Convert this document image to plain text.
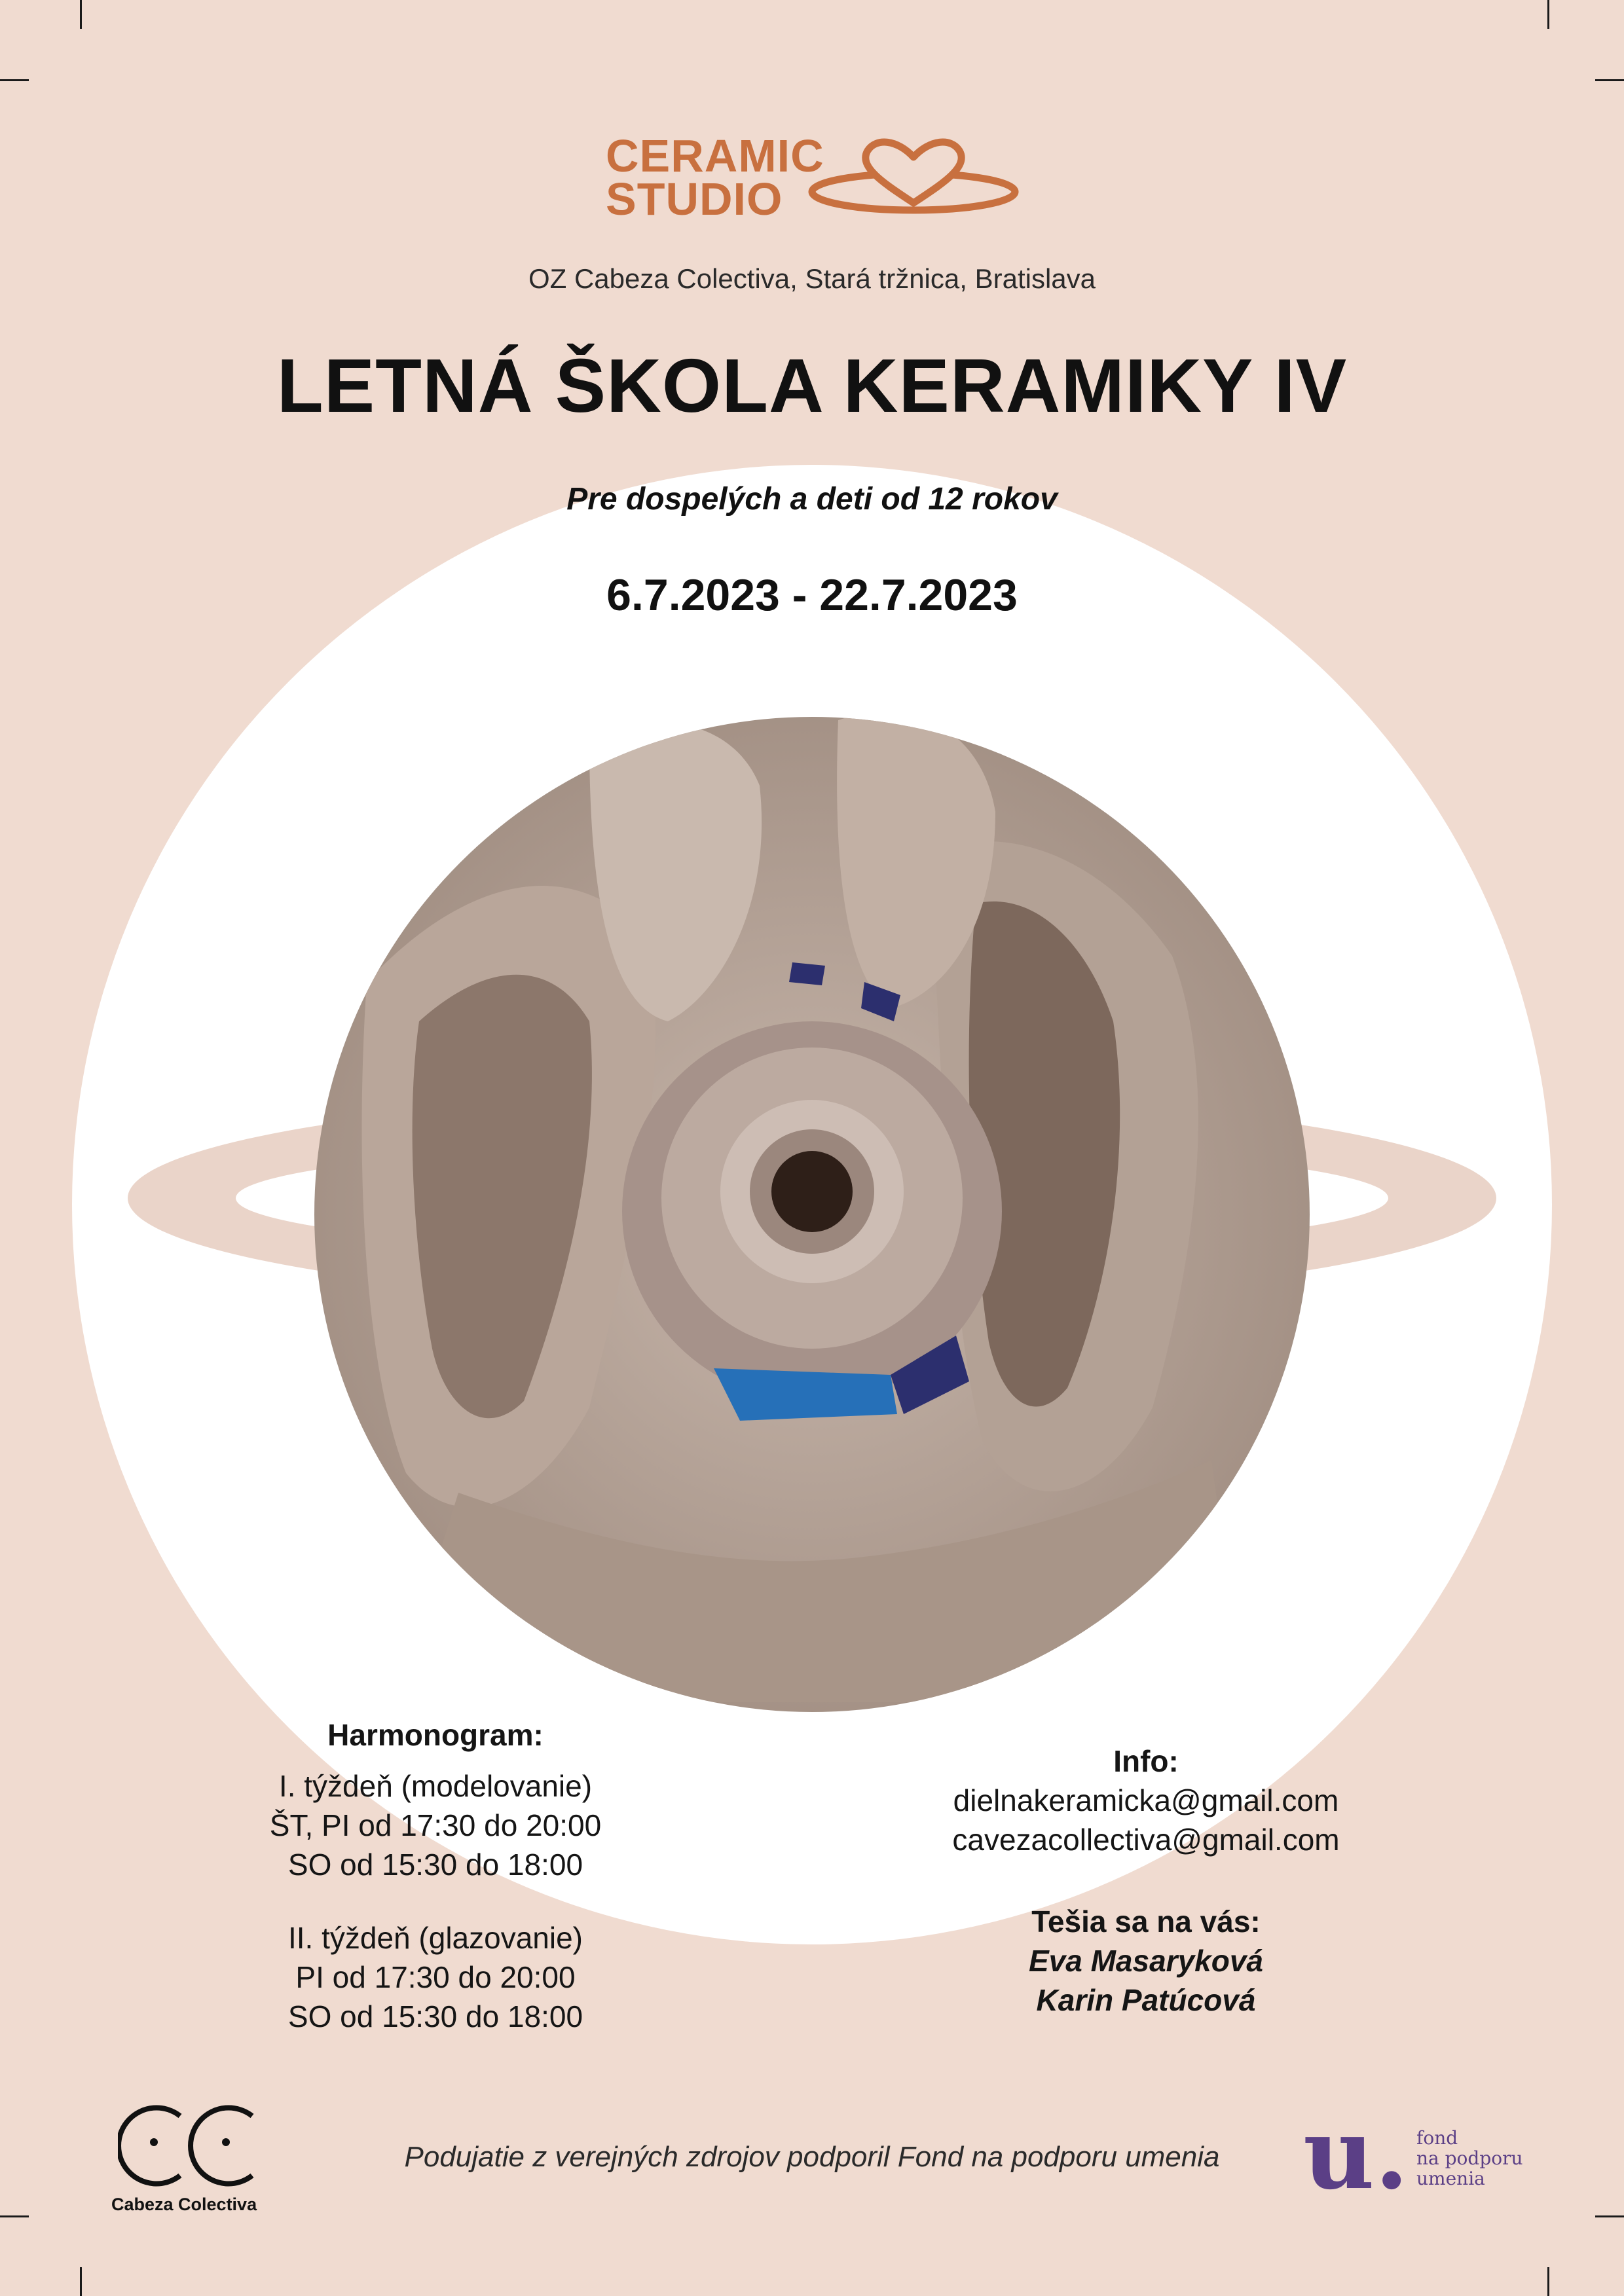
CERAMIC
STUDIO
OZ Cabeza Colectiva, Stará tržnica, Bratislava
LETNÁ ŠKOLA KERAMIKY IV
Pre dospelých a deti od 12 rokov
6.7.2023 - 22.7.2023
Harmonogram:
I. týždeň (modelovanie)
ŠT, PI od 17:30 do 20:00
SO od 15:30 do 18:00
II. týždeň (glazovanie)
PI od 17:30 do 20:00
SO od 15:30 do 18:00
Info:
dielnakeramicka@gmail.com
cavezacollectiva@gmail.com
Tešia sa na vás:
Eva Masaryková
Karin Patúcová
Cabeza Colectiva
Podujatie z verejných zdrojov podporil Fond na podporu umenia u. fond
na podporu
umenia
